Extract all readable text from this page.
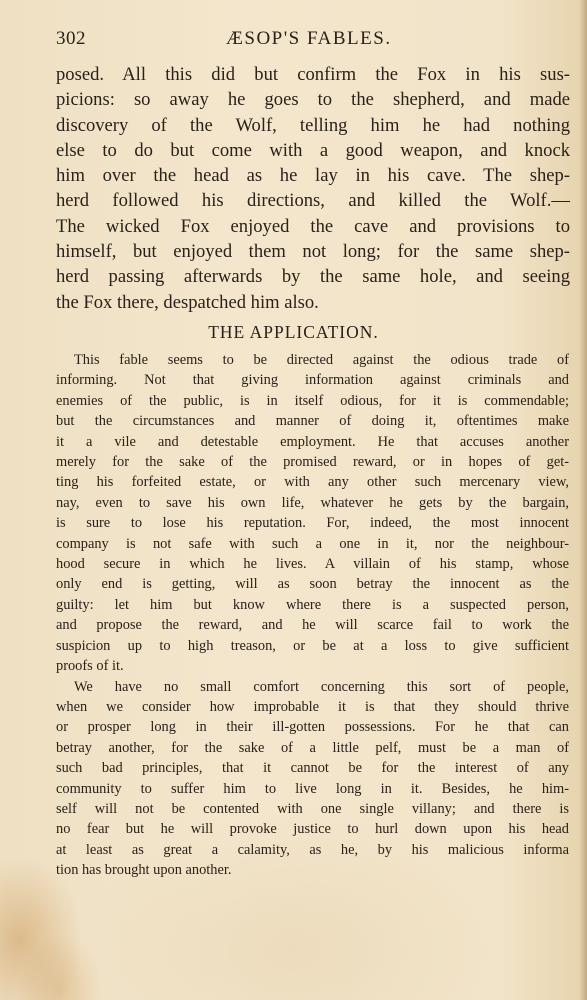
302	ÆSOP'S FABLES.
posed. All this did but confirm the Fox in his sus-
picions: so away he goes to the shepherd, and made
discovery of the Wolf, telling him he had nothing
else to do but come with a good weapon, and knock
him over the head as he lay in his cave. The shep-
herd followed his directions, and killed the Wolf.—
The wicked Fox enjoyed the cave and provisions to
himself, but enjoyed them not long; for the same shep-
herd passing afterwards by the same hole, and seeing
the Fox there, despatched him also.
THE APPLICATION.
This fable seems to be directed against the odious trade of
informing. Not that giving information against criminals and
enemies of the public, is in itself odious, for it is commendable;
but the circumstances and manner of doing it, oftentimes make
it a vile and detestable employment. He that accuses another
merely for the sake of the promised reward, or in hopes of get-
ting his forfeited estate, or with any other such mercenary view,
nay, even to save his own life, whatever he gets by the bargain,
is sure to lose his reputation. For, indeed, the most innocent
company is not safe with such a one in it, nor the neighbour-
hood secure in which he lives. A villain of his stamp, whose
only end is getting, will as soon betray the innocent as the
guilty: let him but know where there is a suspected person,
and propose the reward, and he will scarce fail to work the
suspicion up to high treason, or be at a loss to give sufficient
proofs of it.
We have no small comfort concerning this sort of people,
when we consider how improbable it is that they should thrive
or prosper long in their ill-gotten possessions. For he that can
betray another, for the sake of a little pelf, must be a man of
such bad principles, that it cannot be for the interest of any
community to suffer him to live long in it. Besides, he him-
self will not be contented with one single villany; and there is
no fear but he will provoke justice to hurl down upon his head
at least as great a calamity, as he, by his malicious informa
tion has brought upon another.
